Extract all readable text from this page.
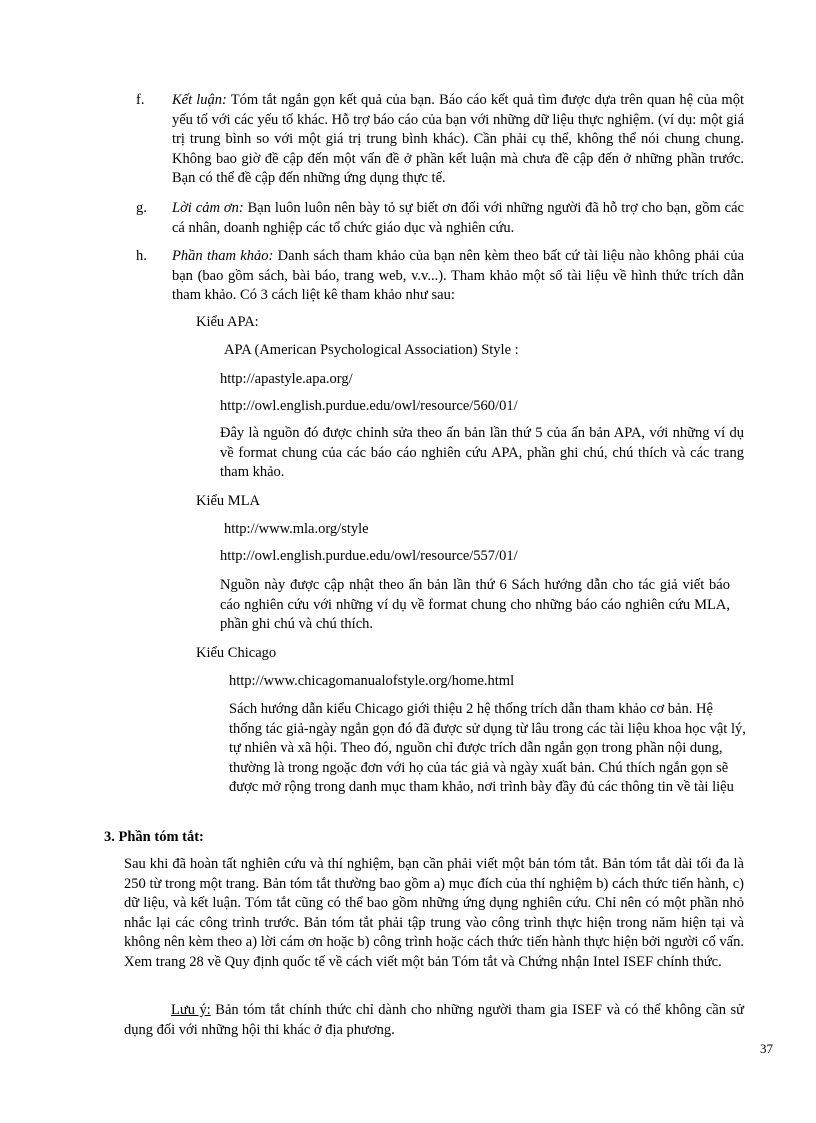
f. Kết luận: Tóm tắt ngắn gọn kết quả của bạn. Báo cáo kết quả tìm được dựa trên quan hệ của một yếu tố với các yếu tố khác. Hỗ trợ báo cáo của bạn với những dữ liệu thực nghiệm. (ví dụ: một giá trị trung bình so với một giá trị trung bình khác). Cần phải cụ thể, không thể nói chung chung. Không bao giờ đề cập đến một vấn đề ở phần kết luận mà chưa đề cập đến ở những phần trước. Bạn có thể đề cập đến những ứng dụng thực tế.

g. Lời cảm ơn: Bạn luôn luôn nên bày tỏ sự biết ơn đối với những người đã hỗ trợ cho bạn, gồm các cá nhân, doanh nghiệp các tổ chức giáo dục và nghiên cứu.

h. Phần tham khảo: Danh sách tham khảo của bạn nên kèm theo bất cứ tài liệu nào không phải của bạn (bao gồm sách, bài báo, trang web, v.v...). Tham khảo một số tài liệu về hình thức trích dẫn tham khảo. Có 3 cách liệt kê tham khảo như sau:

Kiểu APA:

APA (American Psychological Association) Style :

http://apastyle.apa.org/

http://owl.english.purdue.edu/owl/resource/560/01/

Đây là nguồn đó được chỉnh sửa theo ấn bản lần thứ 5 của ấn bản APA, với những ví dụ về format chung của các báo cáo nghiên cứu APA, phần ghi chú, chú thích và các trang tham khảo.

Kiểu MLA

http://www.mla.org/style

http://owl.english.purdue.edu/owl/resource/557/01/

Nguồn này được cập nhật theo ấn bản lần thứ 6 Sách hướng dẫn cho tác giả viết báo cáo nghiên cứu với những ví dụ về format chung cho những báo cáo nghiên cứu MLA, phần ghi chú và chú thích.

Kiểu Chicago

http://www.chicagomanualofstyle.org/home.html

Sách hướng dẫn kiểu Chicago giới thiệu 2 hệ thống trích dẫn tham khảo cơ bản. Hệ thống tác giả-ngày ngắn gọn đó đã được sử dụng từ lâu trong các tài liệu khoa học vật lý, tự nhiên và xã hội. Theo đó, nguồn chỉ được trích dẫn ngắn gọn trong phần nội dung, thường là trong ngoặc đơn với họ của tác giả và ngày xuất bản. Chú thích ngắn gọn sẽ được mở rộng trong danh mục tham khảo, nơi trình bày đầy đủ các thông tin về tài liệu

3. Phần tóm tắt:

Sau khi đã hoàn tất nghiên cứu và thí nghiệm, bạn cần phải viết một bản tóm tắt. Bản tóm tắt dài tối đa là 250 từ trong một trang. Bản tóm tắt thường bao gồm a) mục đích của thí nghiệm b) cách thức tiến hành, c) dữ liệu, và kết luận. Tóm tắt cũng có thể bao gồm những ứng dụng nghiên cứu. Chỉ nên có một phần nhỏ nhắc lại các công trình trước. Bản tóm tắt phải tập trung vào công trình thực hiện trong năm hiện tại và không nên kèm theo a) lời cám ơn hoặc b) công trình hoặc cách thức tiến hành thực hiện bởi người cố vấn. Xem trang 28 về Quy định quốc tế về cách viết một bản Tóm tắt và Chứng nhận Intel ISEF chính thức.

Lưu ý: Bản tóm tắt chính thức chỉ dành cho những người tham gia ISEF và có thể không cần sử dụng đối với những hội thi khác ở địa phương.

37
